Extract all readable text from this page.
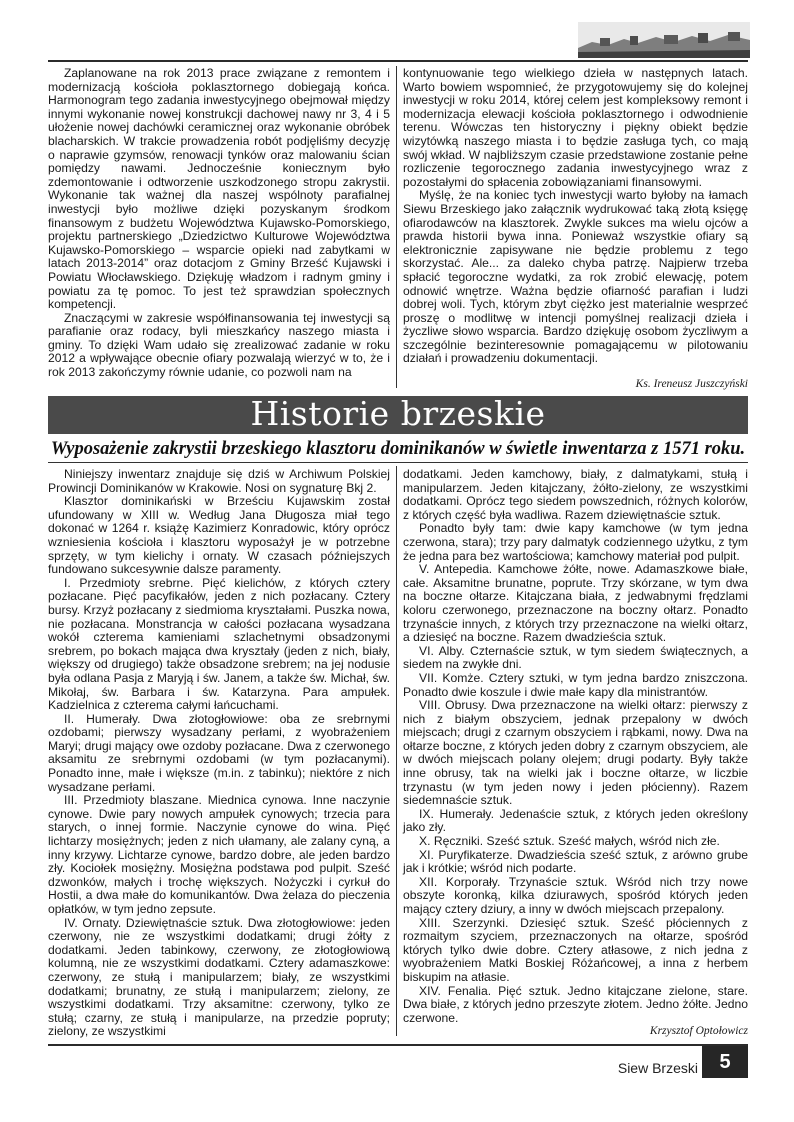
Zaplanowane na rok 2013 prace związane z remontem i modernizacją kościoła poklasztornego dobiegają końca. Harmonogram tego zadania inwestycyjnego obejmował między innymi wykonanie nowej konstrukcji dachowej nawy nr 3, 4 i 5 ułożenie nowej dachówki ceramicznej oraz wykonanie obróbek blacharskich. W trakcie prowadzenia robót podjęliśmy decyzję o naprawie gzymsów, renowacji tynków oraz malowaniu ścian pomiędzy nawami. Jednocześnie koniecznym było zdemontowanie i odtworzenie uszkodzonego stropu zakrystii. Wykonanie tak ważnej dla naszej wspólnoty parafialnej inwestycji było możliwe dzięki pozyskanym środkom finansowym z budżetu Województwa Kujawsko-Pomorskiego, projektu partnerskiego „Dziedzictwo Kulturowe Województwa Kujawsko-Pomorskiego – wsparcie opieki nad zabytkami w latach 2013-2014” oraz dotacjom z Gminy Brześć Kujawski i Powiatu Włocławskiego. Dziękuję władzom i radnym gminy i powiatu za tę pomoc. To jest też sprawdzian społecznych kompetencji.

Znaczącymi w zakresie współfinansowania tej inwestycji są parafianie oraz rodacy, byli mieszkańcy naszego miasta i gminy. To dzięki Wam udało się zrealizować zadanie w roku 2012 a wpływające obecnie ofiary pozwalają wierzyć w to, że i rok 2013 zakończymy równie udanie, co pozwoli nam na

kontynuowanie tego wielkiego dzieła w następnych latach. Warto bowiem wspomnieć, że przygotowujemy się do kolejnej inwestycji w roku 2014, której celem jest kompleksowy remont i modernizacja elewacji kościoła poklasztornego i odwodnienie terenu. Wówczas ten historyczny i piękny obiekt będzie wizytówką naszego miasta i to będzie zasługa tych, co mają swój wkład. W najbliższym czasie przedstawione zostanie pełne rozliczenie tegorocznego zadania inwestycyjnego wraz z pozostałymi do spłacenia zobowiązaniami finansowymi.

Myślę, że na koniec tych inwestycji warto byłoby na łamach Siewu Brzeskiego jako załącznik wydrukować taką złotą księgę ofiarodawców na klasztorek. Zwykle sukces ma wielu ojców a prawda historii bywa inna. Ponieważ wszystkie ofiary są elektronicznie zapisywane nie będzie problemu z tego skorzystać. Ale... za daleko chyba patrzę. Najpierw trzeba spłacić tegoroczne wydatki, za rok zrobić elewację, potem odnowić wnętrze. Ważna będzie ofiarność parafian i ludzi dobrej woli. Tych, którym zbyt ciężko jest materialnie wesprzeć proszę o modlitwę w intencji pomyślnej realizacji dzieła i życzliwe słowo wsparcia. Bardzo dziękuję osobom życzliwym a szczególnie bezinteresownie pomagającemu w pilotowaniu działań i prowadzeniu dokumentacji.

Ks. Ireneusz Juszczyński
Historie brzeskie
Wyposażenie zakrystii brzeskiego klasztoru dominikanów w świetle inwentarza z 1571 roku.

Niniejszy inwentarz znajduje się dziś w Archiwum Polskiej Prowincji Dominikanów w Krakowie. Nosi on sygnaturę Bkj 2.

Klasztor dominikański w Brześciu Kujawskim został ufundowany w XIII w. Według Jana Długosza miał tego dokonać w 1264 r. książę Kazimierz Konradowic, który oprócz wzniesienia kościoła i klasztoru wyposażył je w potrzebne sprzęty, w tym kielichy i ornaty. W czasach późniejszych fundowano sukcesywnie dalsze paramenty.

I. Przedmioty srebrne. Pięć kielichów, z których cztery pozłacane. Pięć pacyfikałów, jeden z nich pozłacany. Cztery bursy. Krzyż pozłacany z siedmioma kryształami. Puszka nowa, nie pozłacana. Monstrancja w całości pozłacana wysadzana wokół czterema kamieniami szlachetnymi obsadzonymi srebrem, po bokach mająca dwa kryształy (jeden z nich, biały, większy od drugiego) także obsadzone srebrem; na jej nodusie była odlana Pasja z Maryją i św. Janem, a także św. Michał, św. Mikołaj, św. Barbara i św. Katarzyna. Para ampułek. Kadzielnica z czterema całymi łańcuchami.

II. Humerały. Dwa złotogłowiowe: oba ze srebrnymi ozdobami; pierwszy wysadzany perłami, z wyobrażeniem Maryi; drugi mający owe ozdoby pozłacane. Dwa z czerwonego aksamitu ze srebrnymi ozdobami (w tym pozłacanymi). Ponadto inne, małe i większe (m.in. z tabinku); niektóre z nich wysadzane perłami.

III. Przedmioty blaszane. Miednica cynowa. Inne naczynie cynowe. Dwie pary nowych ampułek cynowych; trzecia para starych, o innej formie. Naczynie cynowe do wina. Pięć lichtarzy mosiężnych; jeden z nich ułamany, ale zalany cyną, a inny krzywy. Lichtarze cynowe, bardzo dobre, ale jeden bardzo zły. Kociołek mosiężny. Mosiężna podstawa pod pulpit. Sześć dzwonków, małych i trochę większych. Nożyczki i cyrkuł do Hostii, a dwa małe do komunikantów. Dwa żelaza do pieczenia opłatków, w tym jedno zepsute.

IV. Ornaty. Dziewiętnaście sztuk. Dwa złotogłowiowe: jeden czerwony, nie ze wszystkimi dodatkami; drugi żółty z dodatkami. Jeden tabinkowy, czerwony, ze złotogłowiową kolumną, nie ze wszystkimi dodatkami. Cztery adamaszkowe: czerwony, ze stułą i manipularzem; biały, ze wszystkimi dodatkami; brunatny, ze stułą i manipularzem; zielony, ze wszystkimi dodatkami. Trzy aksamitne: czerwony, tylko ze stułą; czarny, ze stułą i manipularze, na przedzie popruty; zielony, ze wszystkimi

dodatkami. Jeden kamchowy, biały, z dalmatykami, stułą i manipularzem. Jeden kitajczany, żółto-zielony, ze wszystkimi dodatkami. Oprócz tego siedem powszednich, różnych kolorów, z których część była wadliwa. Razem dziewiętnaście sztuk.

Ponadto były tam: dwie kapy kamchowe (w tym jedna czerwona, stara); trzy pary dalmatyk codziennego użytku, z tym że jedna para bez wartościowa; kamchowy materiał pod pulpit.

V. Antepedia. Kamchowe żółte, nowe. Adamaszkowe białe, całe. Aksamitne brunatne, poprute. Trzy skórzane, w tym dwa na boczne ołtarze. Kitajczana biała, z jedwabnymi frędzlami koloru czerwonego, przeznaczone na boczny ołtarz. Ponadto trzynaście innych, z których trzy przeznaczone na wielki ołtarz, a dziesięć na boczne. Razem dwadzieścia sztuk.

VI. Alby. Czternaście sztuk, w tym siedem świątecznych, a siedem na zwykłe dni.

VII. Komże. Cztery sztuki, w tym jedna bardzo zniszczona. Ponadto dwie koszule i dwie małe kapy dla ministrantów.

VIII. Obrusy. Dwa przeznaczone na wielki ołtarz: pierwszy z nich z białym obszyciem, jednak przepalony w dwóch miejscach; drugi z czarnym obszyciem i rąbkami, nowy. Dwa na ołtarze boczne, z których jeden dobry z czarnym obszyciem, ale w dwóch miejscach polany olejem; drugi podarty. Były także inne obrusy, tak na wielki jak i boczne ołtarze, w liczbie trzynastu (w tym jeden nowy i jeden płócienny). Razem siedemnaście sztuk.

IX. Humerały. Jedenaście sztuk, z których jeden określony jako zły.

X. Ręczniki. Sześć sztuk. Sześć małych, wśród nich złe.

XI. Puryfikaterze. Dwadzieścia sześć sztuk, z arówno grube jak i krótkie; wśród nich podarte.

XII. Korporały. Trzynaście sztuk. Wśród nich trzy nowe obszyte koronką, kilka dziurawych, spośród których jeden mający cztery dziury, a inny w dwóch miejscach przepalony.

XIII. Szerzynki. Dziesięć sztuk. Sześć płóciennych z rozmaitym szyciem, przeznaczonych na ołtarze, spośród których tylko dwie dobre. Cztery atłasowe, z nich jedna z wyobrażeniem Matki Boskiej Różańcowej, a inna z herbem biskupim na atłasie.

XIV. Fenalia. Pięć sztuk. Jedno kitajczane zielone, stare. Dwa białe, z których jedno przeszyte złotem. Jedno żółte. Jedno czerwone.

Krzysztof Optołowicz
Siew Brzeski	5
